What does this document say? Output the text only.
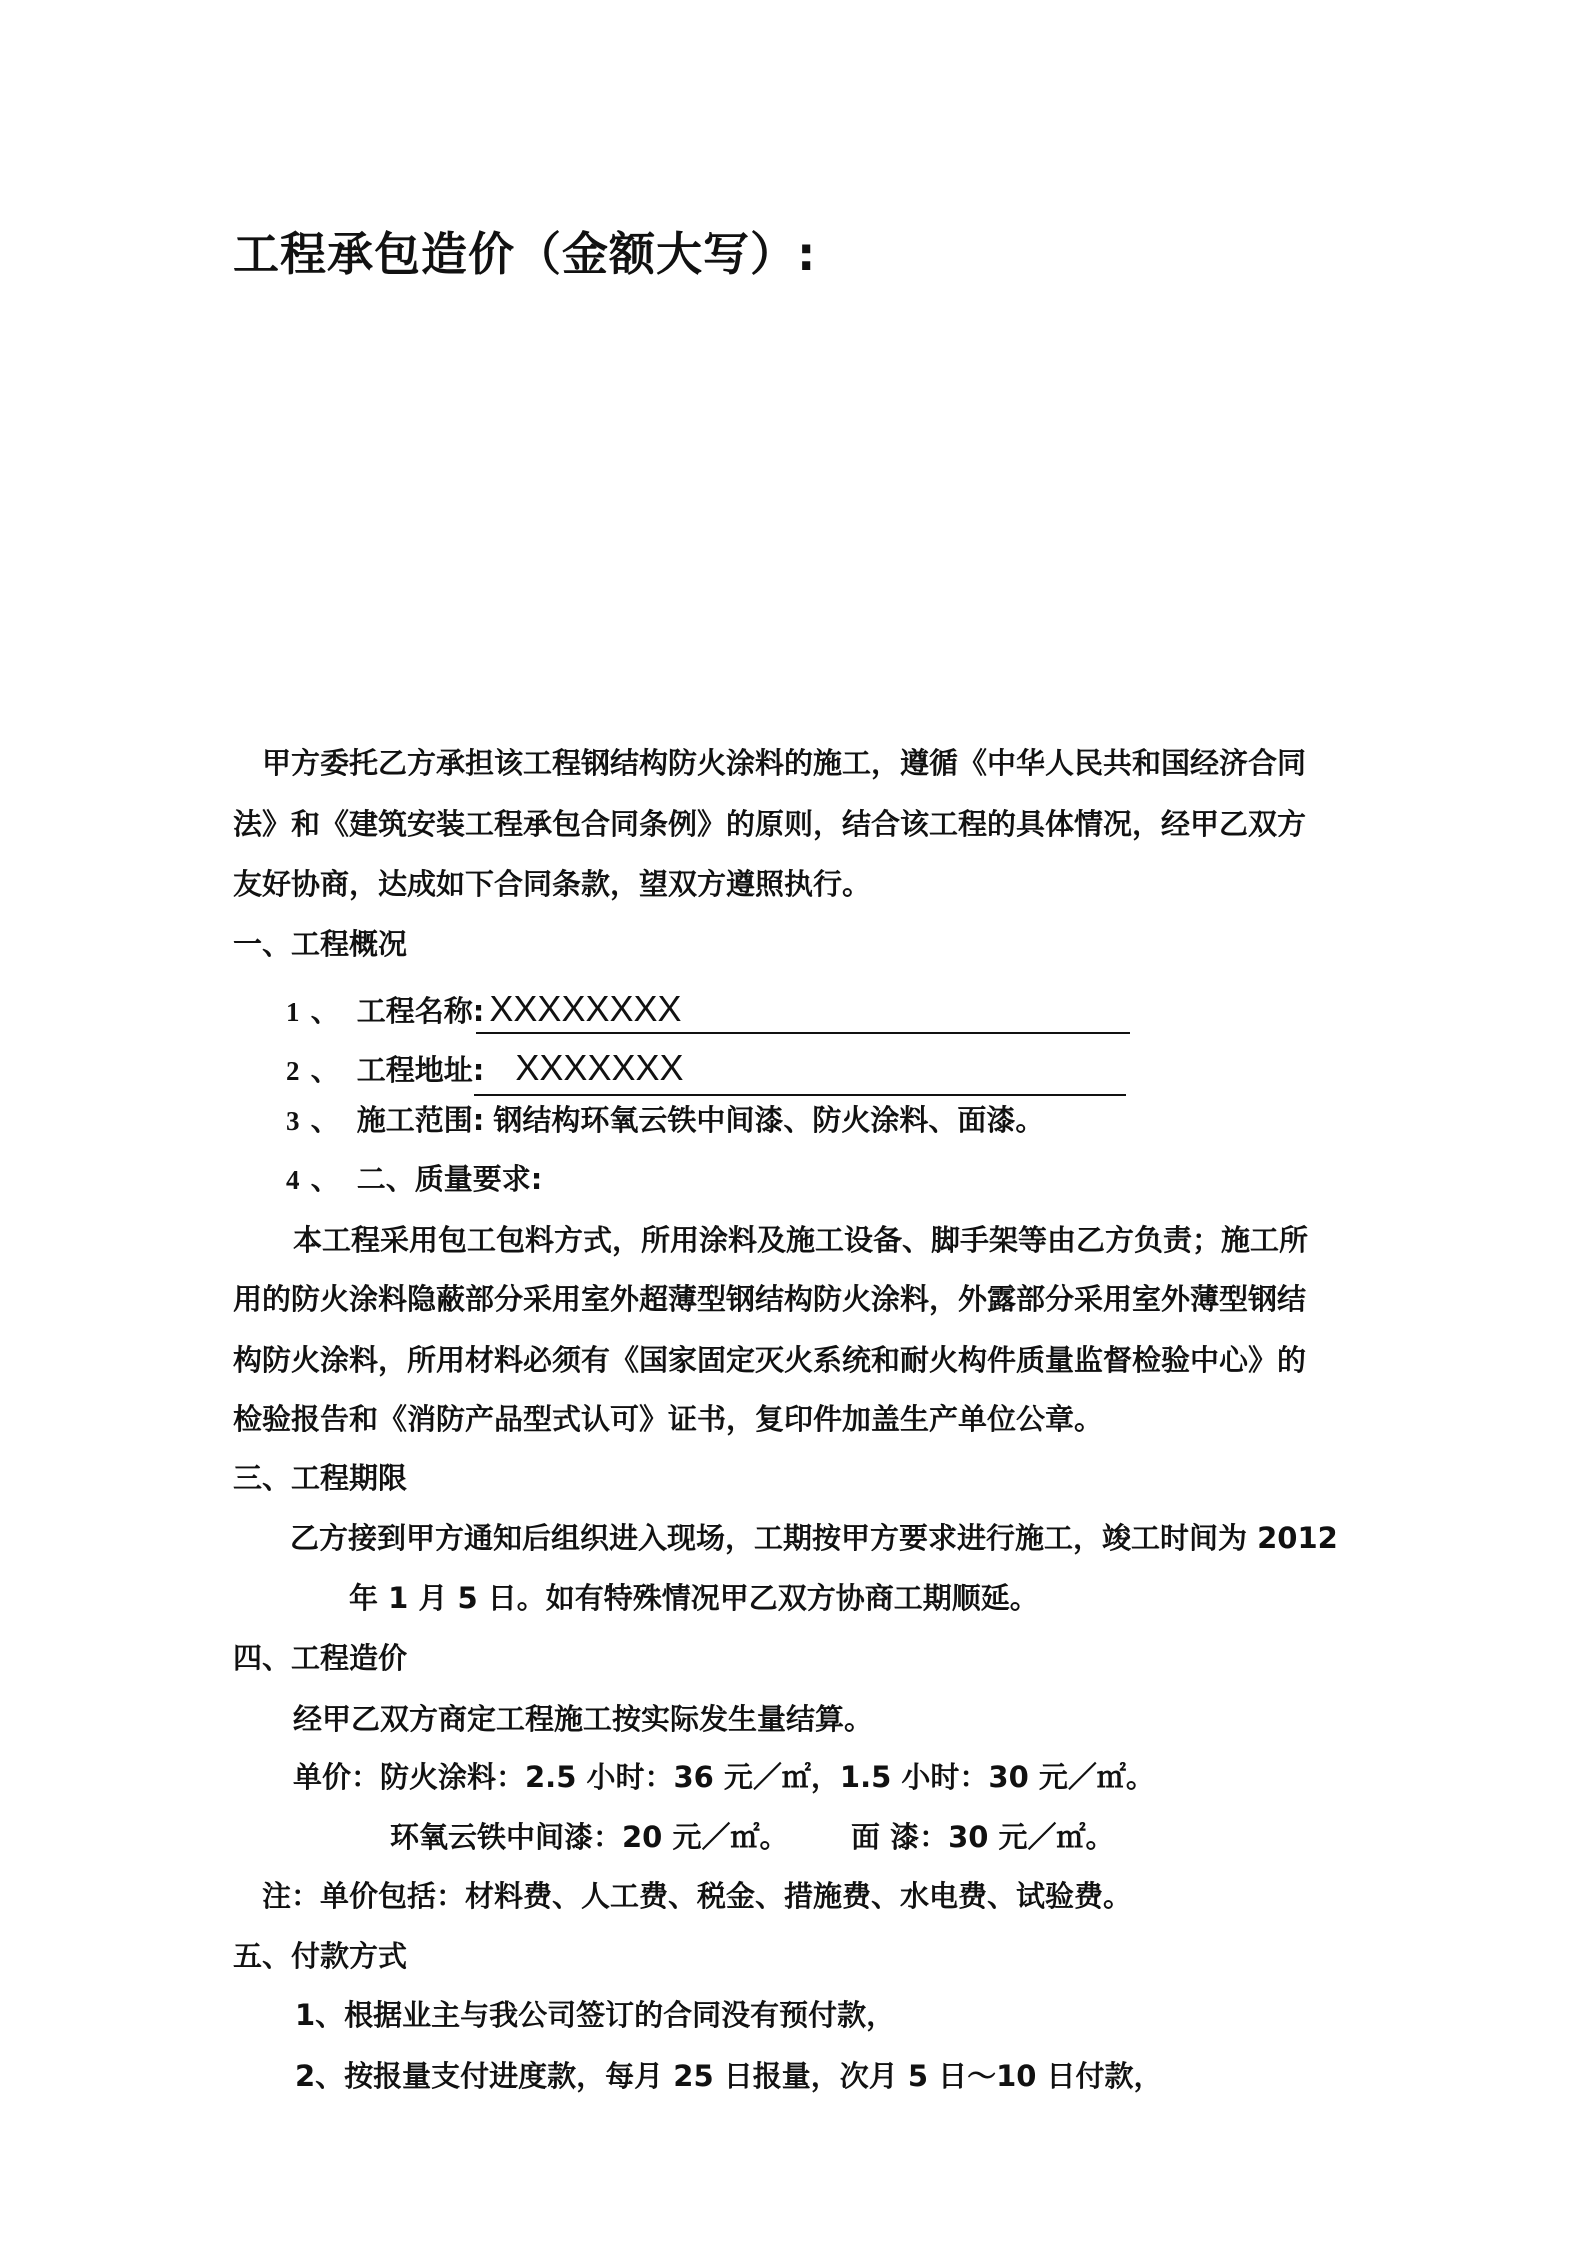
工程承包造价（金额大写）:
甲方委托乙方承担该工程钢结构防火涂料的施工，遵循《中华人民共和国经济合同
法》和《建筑安装工程承包合同条例》的原则，结合该工程的具体情况，经甲乙双方
友好协商，达成如下合同条款，望双方遵照执行。
一、工程概况
1 、 工程名称: XXXXXXXX
2 、 工程地址: XXXXXXX
3 、 施工范围: 钢结构环氧云铁中间漆、防火涂料、面漆。
4 、 二、质量要求:
本工程采用包工包料方式，所用涂料及施工设备、脚手架等由乙方负责；施工所
用的防火涂料隐蔽部分采用室外超薄型钢结构防火涂料，外露部分采用室外薄型钢结
构防火涂料，所用材料必须有《国家固定灭火系统和耐火构件质量监督检验中心》的
检验报告和《消防产品型式认可》证书，复印件加盖生产单位公章。
三、工程期限
乙方接到甲方通知后组织进入现场，工期按甲方要求进行施工，竣工时间为 2012
年 1 月 5 日。如有特殊情况甲乙双方协商工期顺延。
四、工程造价
经甲乙双方商定工程施工按实际发生量结算。
单价：防火涂料：2.5 小时：36 元／㎡，1.5 小时：30 元／㎡。
环氧云铁中间漆：20 元／㎡。 面 漆：30 元／㎡。
注：单价包括：材料费、人工费、税金、措施费、水电费、试验费。
五、付款方式
1、根据业主与我公司签订的合同没有预付款，
2、按报量支付进度款，每月 25 日报量，次月 5 日～10 日付款，
